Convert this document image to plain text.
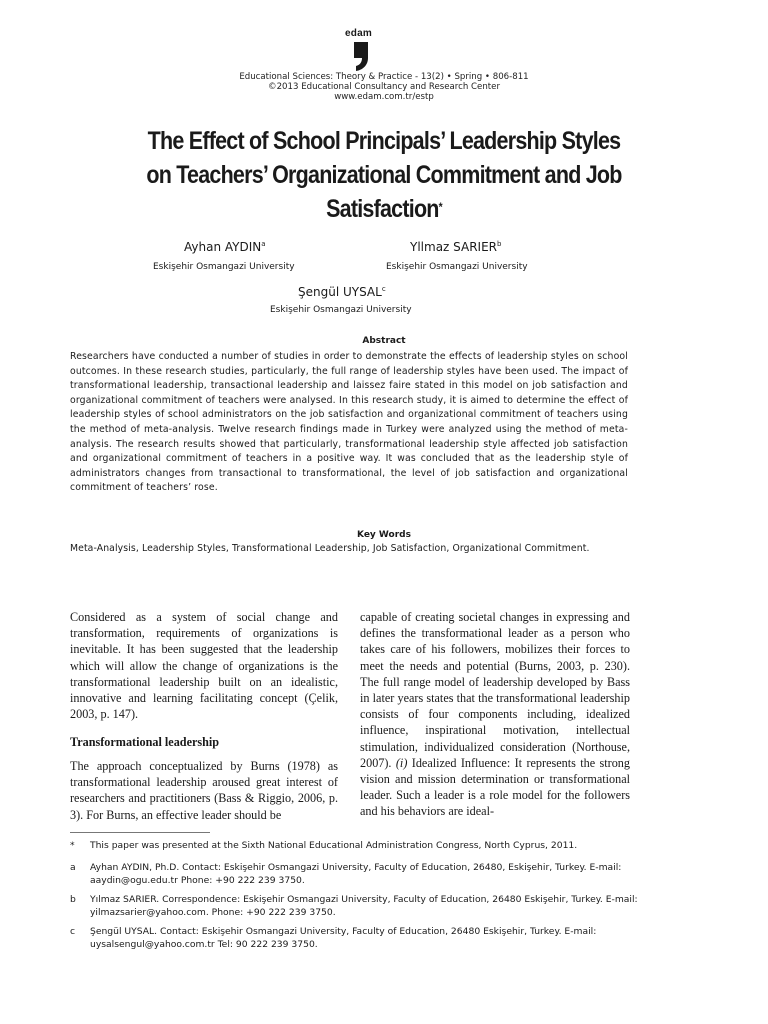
edam
Educational Sciences: Theory & Practice - 13(2) • Spring • 806-811
©2013 Educational Consultancy and Research Center
www.edam.com.tr/estp
The Effect of School Principals’ Leadership Styles
on Teachers’ Organizational Commitment and Job
Satisfaction*
Ayhan AYDIN$^a$
Eskişehir Osmangazi University
Yllmaz SARIER$^b$
Eskişehir Osmangazi University
Şengül UYSAL$^c$
Eskişehir Osmangazi University
Abstract
Researchers have conducted a number of studies in order to demonstrate the effects of leadership styles on school outcomes. In these research studies, particularly, the full range of leadership styles have been used. The impact of transformational leadership, transactional leadership and laissez faire stated in this model on job satisfaction and organizational commitment of teachers were analysed. In this research study, it is aimed to determine the effect of leadership styles of school administrators on the job satisfaction and organizational commitment of teachers using the method of meta-analysis. Twelve research findings made in Turkey were analyzed using the method of meta-analysis. The research results showed that particularly, transformational leadership style affected job satisfaction and organizational commitment of teachers in a positive way. It was concluded that as the leadership style of administrators changes from transactional to transformational, the level of job satisfaction and organizational commitment of teachers’ rose.
Key Words
Meta-Analysis, Leadership Styles, Transformational Leadership, Job Satisfaction, Organizational Commitment.

Considered as a system of social change and transformation, requirements of organizations is inevitable. It has been suggested that the leadership which will allow the change of organizations is the transformational leadership built on an idealistic, innovative and learning facilitating concept (Çelik, 2003, p. 147).

Transformational leadership

The approach conceptualized by Burns (1978) as transformational leadership aroused great interest of researchers and practitioners (Bass & Riggio, 2006, p. 3). For Burns, an effective leader should be

capable of creating societal changes in expressing and defines the transformational leader as a person who takes care of his followers, mobilizes their forces to meet the needs and potential (Burns, 2003, p. 230). The full range model of leadership developed by Bass in later years states that the transformational leadership consists of four components including, idealized influence, inspirational motivation, intellectual stimulation, individualized consideration (Northouse, 2007). (i) Idealized Influence: It represents the strong vision and mission determination or transformational leader. Such a leader is a role model for the followers and his behaviors are ideal-

* This paper was presented at the Sixth National Educational Administration Congress, North Cyprus, 2011.
a Ayhan AYDIN, Ph.D. Contact: Eskişehir Osmangazi University, Faculty of Education, 26480, Eskişehir, Turkey. E-mail: aaydin@ogu.edu.tr Phone: +90 222 239 3750.
b Yılmaz SARIER. Correspondence: Eskişehir Osmangazi University, Faculty of Education, 26480 Eskişehir, Turkey. E-mail: yilmazsarier@yahoo.com. Phone: +90 222 239 3750.
c Şengül UYSAL. Contact: Eskişehir Osmangazi University, Faculty of Education, 26480 Eskişehir, Turkey. E-mail: uysalsengul@yahoo.com.tr Tel: 90 222 239 3750.
